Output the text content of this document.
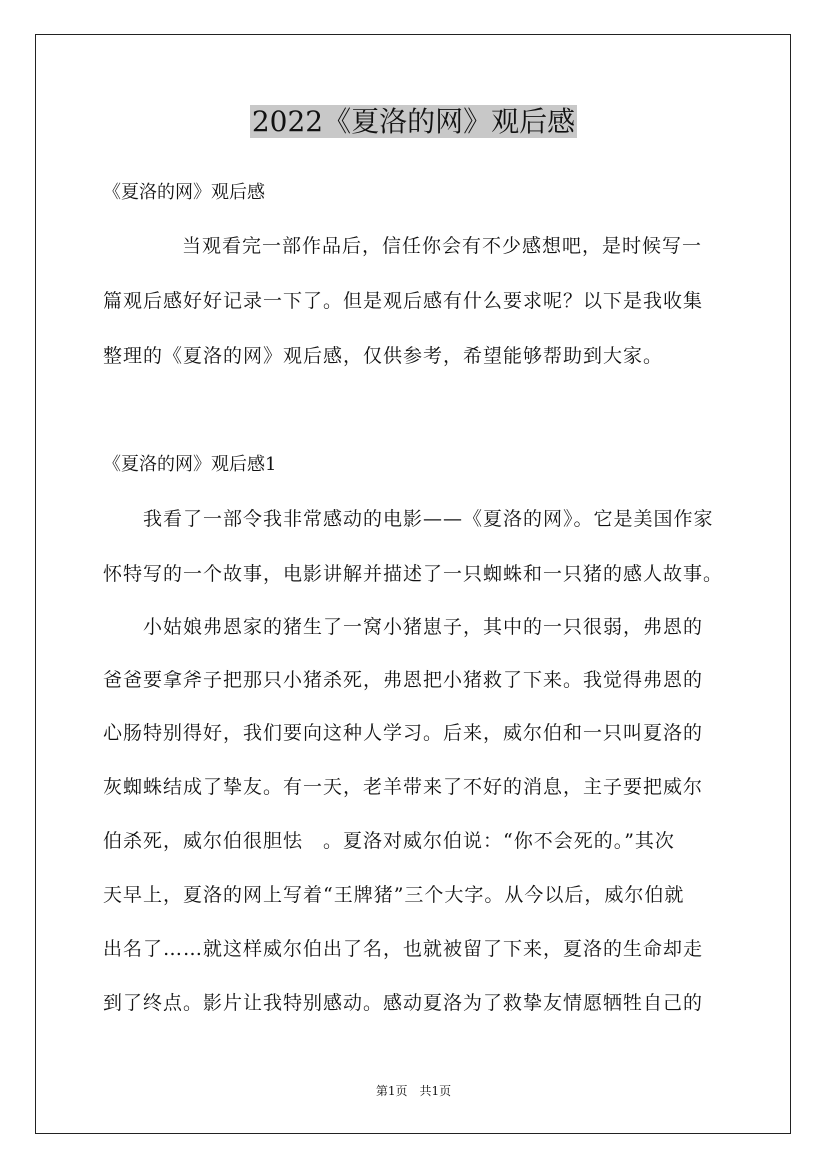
2022《夏洛的网》观后感
《夏洛的网》观后感
当观看完一部作品后，信任你会有不少感想吧，是时候写一
篇观后感好好记录一下了。但是观后感有什么要求呢？以下是我收集
整理的《夏洛的网》观后感，仅供参考，希望能够帮助到大家。
《夏洛的网》观后感1
我看了一部令我非常感动的电影——《夏洛的网》。它是美国作家
怀特写的一个故事，电影讲解并描述了一只蜘蛛和一只猪的感人故事。
小姑娘弗恩家的猪生了一窝小猪崽子，其中的一只很弱，弗恩的
爸爸要拿斧子把那只小猪杀死，弗恩把小猪救了下来。我觉得弗恩的
心肠特别得好，我们要向这种人学习。后来，威尔伯和一只叫夏洛的
灰蜘蛛结成了挚友。有一天，老羊带来了不好的消息，主子要把威尔
伯杀死，威尔伯很胆怯　。夏洛对威尔伯说：“你不会死的。”其次
天早上，夏洛的网上写着“王牌猪”三个大字。从今以后，威尔伯就
出名了……就这样威尔伯出了名，也就被留了下来，夏洛的生命却走
到了终点。影片让我特别感动。感动夏洛为了救挚友情愿牺牲自己的
第1页　共1页
